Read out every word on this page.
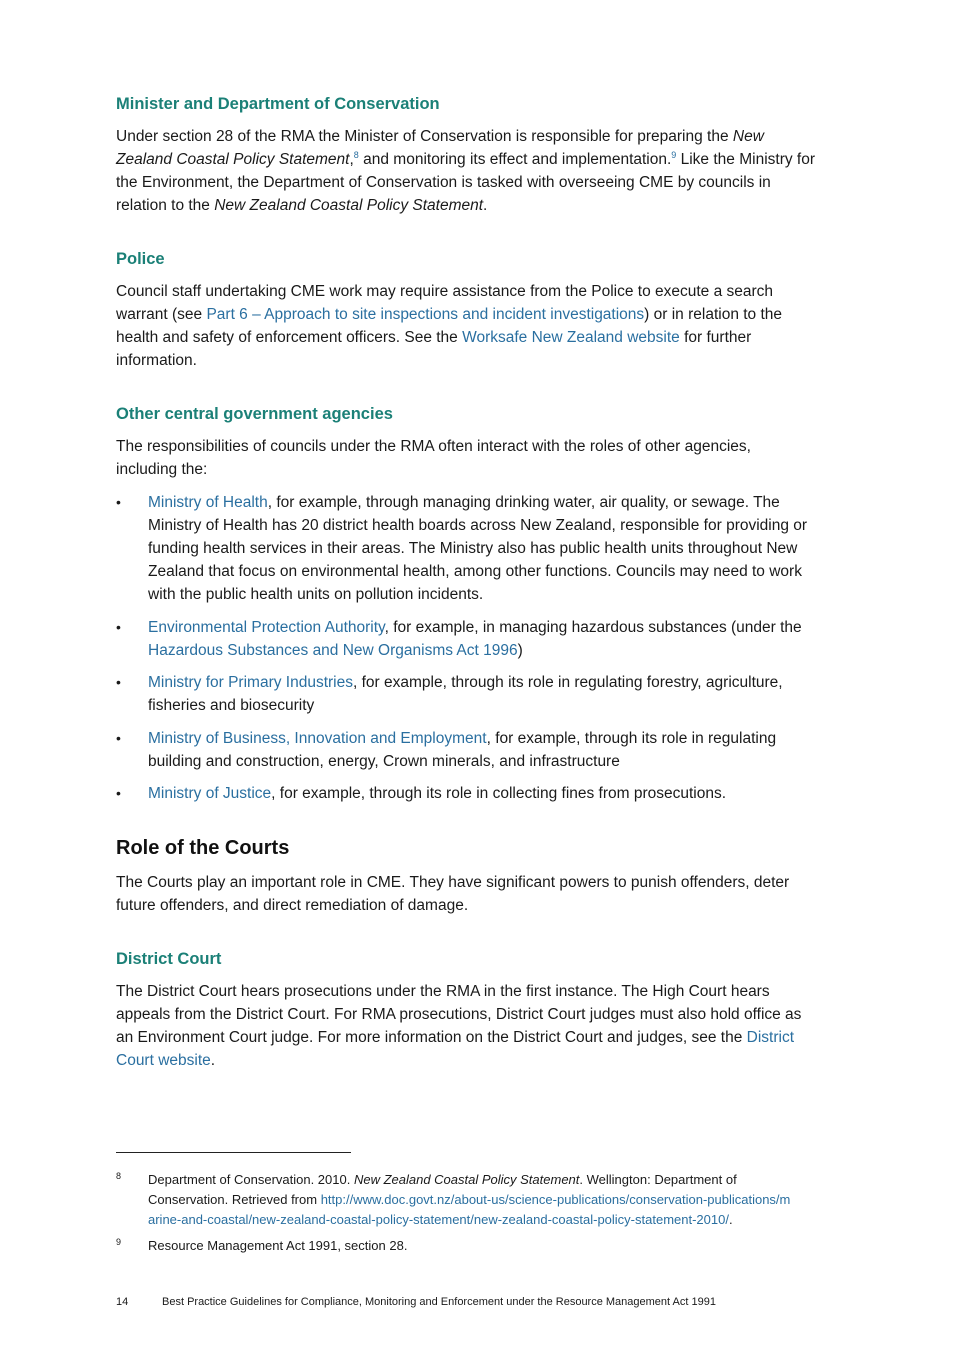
Minister and Department of Conservation

Under section 28 of the RMA the Minister of Conservation is responsible for preparing the New Zealand Coastal Policy Statement,$^8$ and monitoring its effect and implementation.$^9$ Like the Ministry for the Environment, the Department of Conservation is tasked with overseeing CME by councils in relation to the New Zealand Coastal Policy Statement.

Police

Council staff undertaking CME work may require assistance from the Police to execute a search warrant (see Part 6 – Approach to site inspections and incident investigations) or in relation to the health and safety of enforcement officers. See the Worksafe New Zealand website for further information.

Other central government agencies

The responsibilities of councils under the RMA often interact with the roles of other agencies, including the:

• Ministry of Health, for example, through managing drinking water, air quality, or sewage. The Ministry of Health has 20 district health boards across New Zealand, responsible for providing or funding health services in their areas. The Ministry also has public health units throughout New Zealand that focus on environmental health, among other functions. Councils may need to work with the public health units on pollution incidents.
• Environmental Protection Authority, for example, in managing hazardous substances (under the Hazardous Substances and New Organisms Act 1996)
• Ministry for Primary Industries, for example, through its role in regulating forestry, agriculture, fisheries and biosecurity
• Ministry of Business, Innovation and Employment, for example, through its role in regulating building and construction, energy, Crown minerals, and infrastructure
• Ministry of Justice, for example, through its role in collecting fines from prosecutions.
Role of the Courts

The Courts play an important role in CME. They have significant powers to punish offenders, deter future offenders, and direct remediation of damage.

District Court

The District Court hears prosecutions under the RMA in the first instance. The High Court hears appeals from the District Court. For RMA prosecutions, District Court judges must also hold office as an Environment Court judge. For more information on the District Court and judges, see the District Court website.

8 Department of Conservation. 2010. New Zealand Coastal Policy Statement. Wellington: Department of Conservation. Retrieved from http://www.doc.govt.nz/about-us/science-publications/conservation-publications/marine-and-coastal/new-zealand-coastal-policy-statement/new-zealand-coastal-policy-statement-2010/.
9 Resource Management Act 1991, section 28.
14	Best Practice Guidelines for Compliance, Monitoring and Enforcement under the Resource Management Act 1991
